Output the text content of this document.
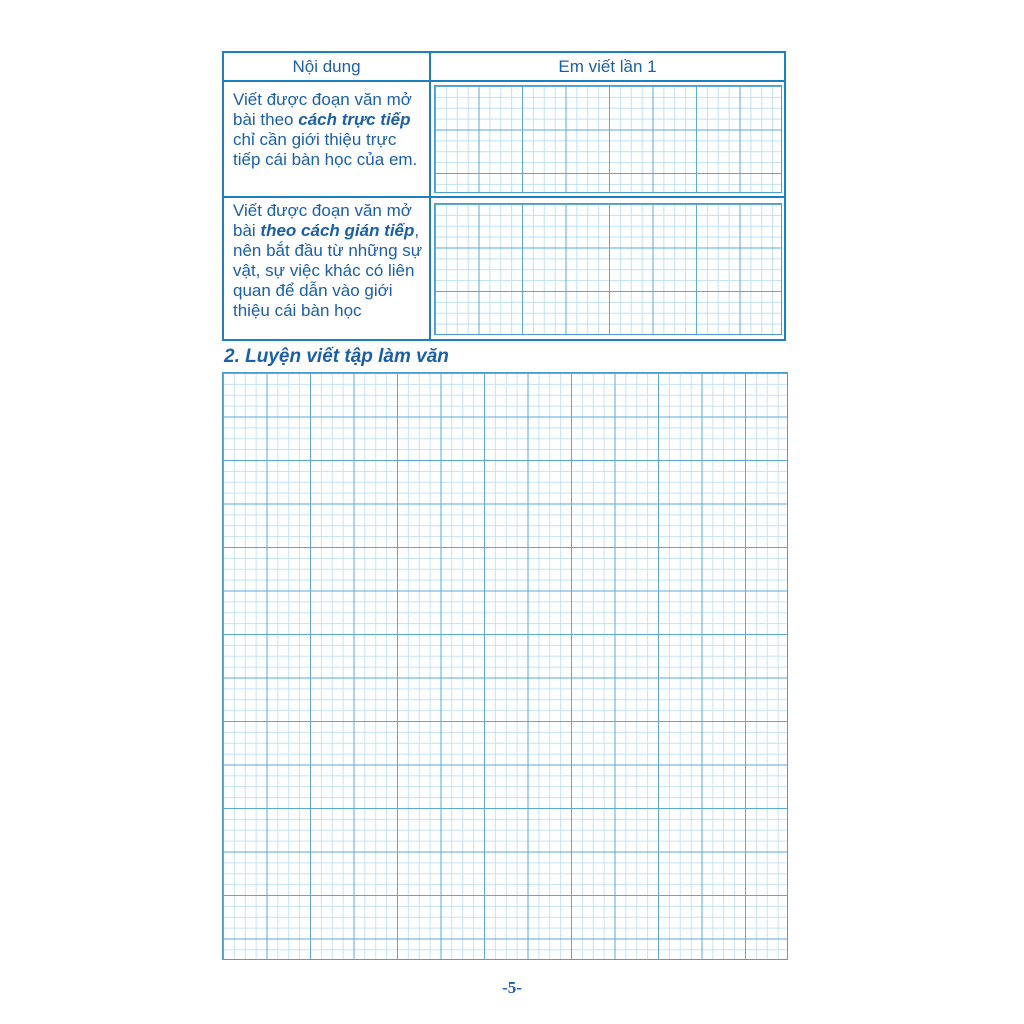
Nội dung	Em viết lần 1
Viết được đoạn văn mở bài theo cách trực tiếp chỉ cần giới thiệu trực tiếp cái bàn học của em.
Viết được đoạn văn mở bài theo cách gián tiếp, nên bắt đầu từ những sự vật, sự việc khác có liên quan để dẫn vào giới thiệu cái bàn học
2. Luyện viết tập làm văn
-5-
